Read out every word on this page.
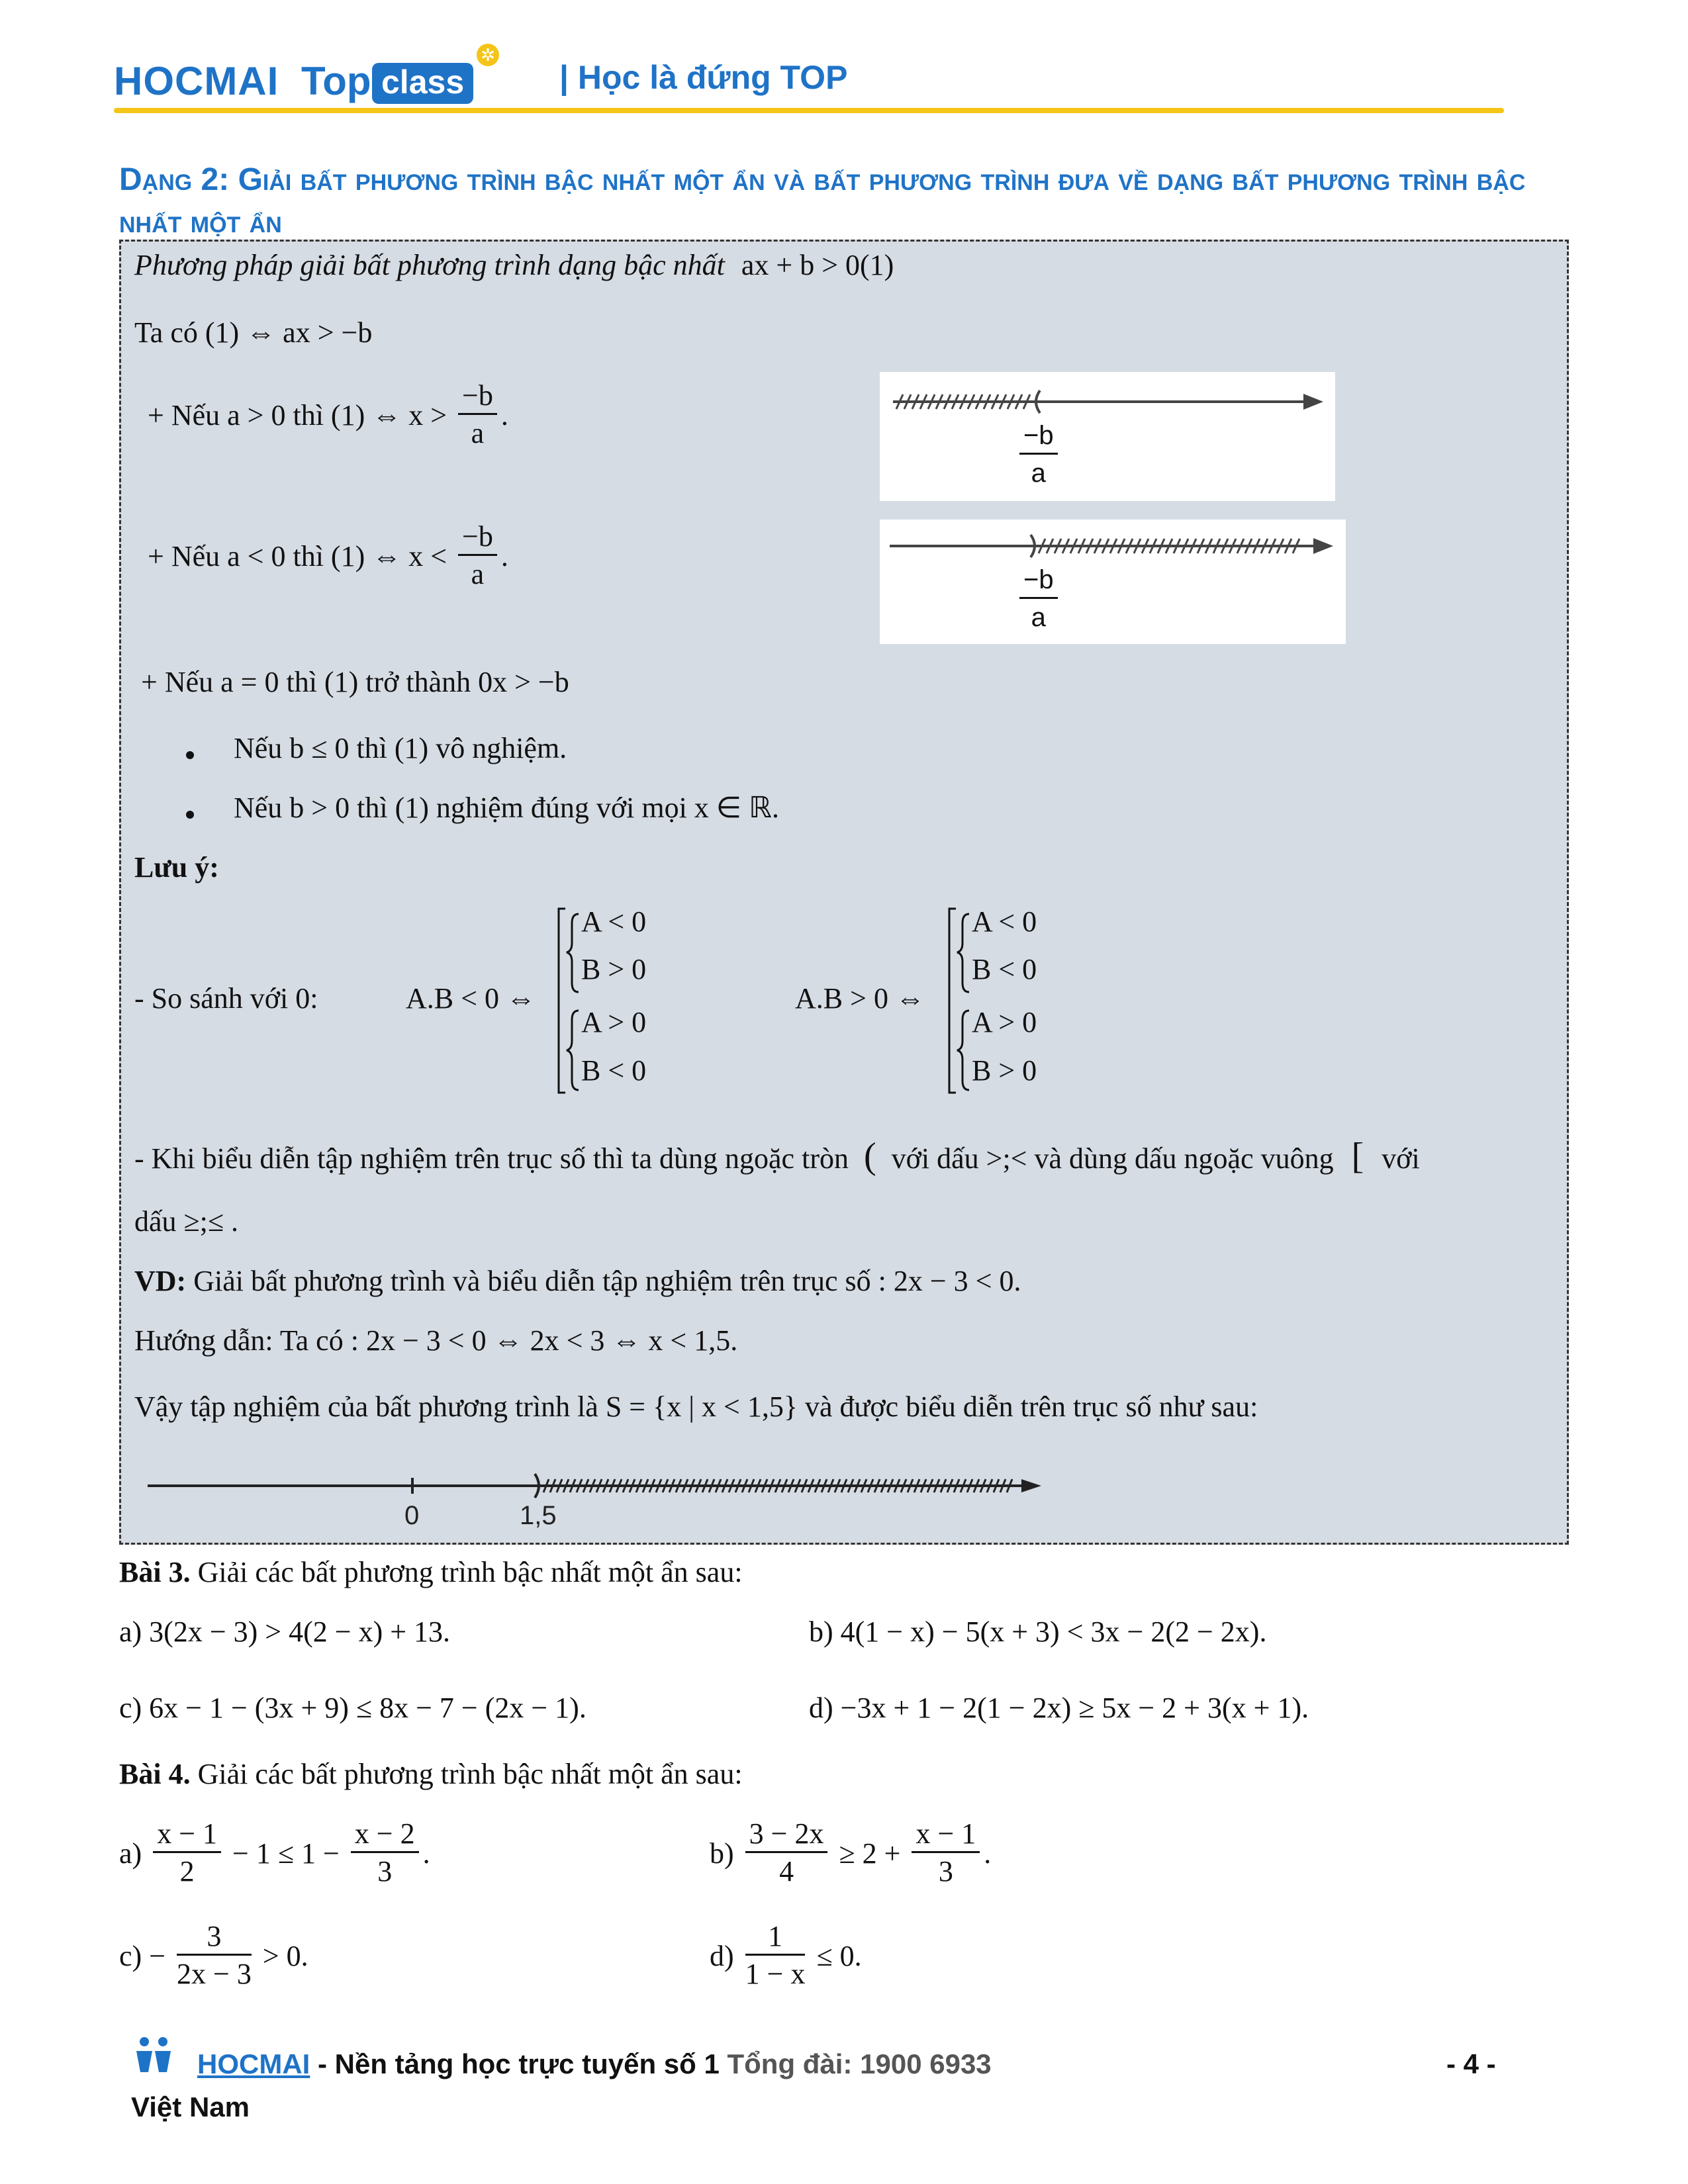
HOCMAI Top class
✲
| Học là đứng TOP
Dạng 2: Giải bất phương trình bậc nhất một ẩn và bất phương trình đưa về dạng bất phương trình bậc nhất một ẩn
Phương pháp giải bất phương trình dạng bậc nhất ax + b > 0(1)
Ta có (1) ⇔ ax > −b
+ Nếu a > 0 thì (1) ⇔ $x > \frac{-b}{a}$ .
$\frac{-b}{a}$
+ Nếu a < 0 thì (1) ⇔ $x < \frac{-b}{a}$ .
$\frac{-b}{a}$
+ Nếu a = 0 thì (1) trở thành 0x > −b
Nếu b ≤ 0 thì (1) vô nghiệm.
Nếu b > 0 thì (1) nghiệm đúng với mọi x ∈ ℝ.
Lưu ý:
- So sánh với 0:	A.B < 0 ⇔
A < 0
B > 0
A > 0
B < 0
A.B > 0 ⇔
A < 0
B < 0
A > 0
B > 0
- Khi biểu diễn tập nghiệm trên trục số thì ta dùng ngoặc tròn ( với dấu >;< và dùng dấu ngoặc vuông [ với
dấu ≥;≤ .
VD: Giải bất phương trình và biểu diễn tập nghiệm trên trục số : 2x − 3 < 0.
Hướng dẫn: Ta có : 2x − 3 < 0 ⇔ 2x < 3 ⇔ x < 1,5.
Vậy tập nghiệm của bất phương trình là S = {x | x < 1,5} và được biểu diễn trên trục số như sau:
0	1,5
Bài 3. Giải các bất phương trình bậc nhất một ẩn sau:
a) 3(2x − 3) > 4(2 − x) + 13.	b) 4(1 − x) − 5(x + 3) < 3x − 2(2 − 2x).
c) 6x − 1 − (3x + 9) ≤ 8x − 7 − (2x − 1).	d) −3x + 1 − 2(1 − 2x) ≥ 5x − 2 + 3(x + 1).
Bài 4. Giải các bất phương trình bậc nhất một ẩn sau:
$a) \frac{x - 1}{2} - 1 \le 1 - \frac{x - 2}{3}$ .	$b) \frac{3 - 2x}{4} \ge 2 + \frac{x - 1}{3}$ .
$c) - \frac{3}{2x - 3} > 0$.	$d) \frac{1}{1 - x} \le 0$.
HOCMAI - Nền tảng học trực tuyến số 1 Tổng đài: 1900 6933	- 4 -
Việt Nam
